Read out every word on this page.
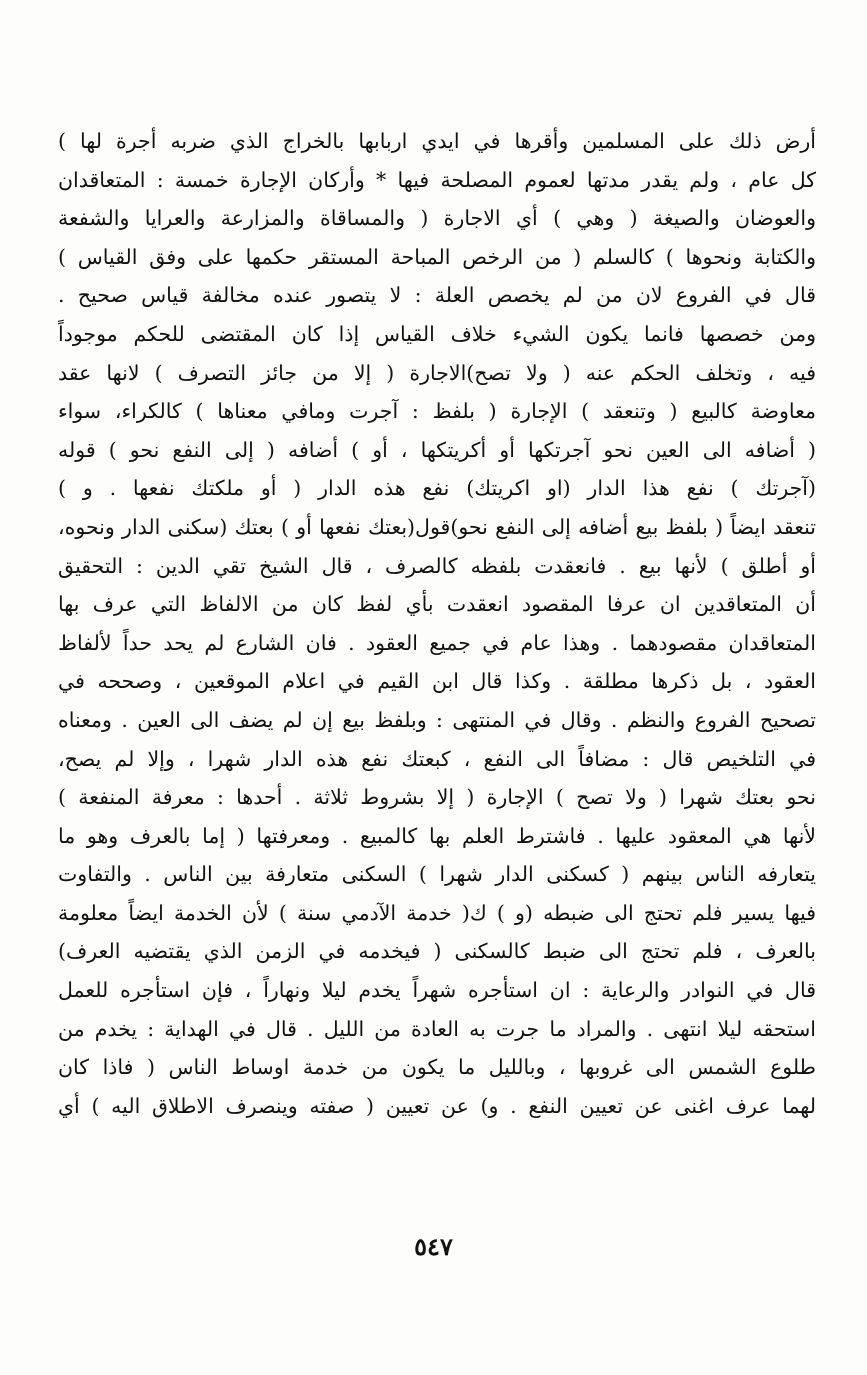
أرض ذلك على المسلمين وأقرها في ايدي اربابها بالخراج الذي ضربه أجرة لها )
كل عام ، ولم يقدر مدتها لعموم المصلحة فيها * وأركان الإجارة خمسة : المتعاقدان
والعوضان والصيغة ( وهي ) أي الاجارة ( والمساقاة والمزارعة والعرايا والشفعة
والكتابة ونحوها ) كالسلم ( من الرخص المباحة المستقر حكمها على وفق القياس )
قال في الفروع لان من لم يخصص العلة : لا يتصور عنده مخالفة قياس صحيح .
ومن خصصها فانما يكون الشيء خلاف القياس إذا كان المقتضى للحكم موجوداً
فيه ، وتخلف الحكم عنه ( ولا تصح)الاجارة ( إلا من جائز التصرف ) لانها عقد
معاوضة كالبيع ( وتنعقد ) الإجارة ( بلفظ : آجرت ومافي معناها ) كالكراء، سواء
( أضافه الى العين نحو آجرتكها أو أكريتكها ، أو ) أضافه ( إلى النفع نحو ) قوله
(آجرتك ) نفع هذا الدار (او اكريتك) نفع هذه الدار ( أو ملكتك نفعها . و )
تنعقد ايضاً ( بلفظ بيع أضافه إلى النفع نحو)قول(بعتك نفعها أو ) بعتك (سكنى الدار ونحوه،
أو أطلق ) لأنها بيع . فانعقدت بلفظه كالصرف ، قال الشيخ تقي الدين : التحقيق
أن المتعاقدين ان عرفا المقصود انعقدت بأي لفظ كان من الالفاظ التي عرف بها
المتعاقدان مقصودهما . وهذا عام في جميع العقود . فان الشارع لم يحد حداً لألفاظ
العقود ، بل ذكرها مطلقة . وكذا قال ابن القيم في اعلام الموقعين ، وصححه في
تصحيح الفروع والنظم . وقال في المنتهى : وبلفظ بيع إن لم يضف الى العين . ومعناه
في التلخيص قال : مضافاً الى النفع ، كبعتك نفع هذه الدار شهرا ، وإلا لم يصح،
نحو بعتك شهرا ( ولا تصح ) الإجارة ( إلا بشروط ثلاثة . أحدها : معرفة المنفعة )
لأنها هي المعقود عليها . فاشترط العلم بها كالمبيع . ومعرفتها ( إما بالعرف وهو ما
يتعارفه الناس بينهم ( كسكنى الدار شهرا ) السكنى متعارفة بين الناس . والتفاوت
فيها يسير فلم تحتج الى ضبطه (و ) ك( خدمة الآدمي سنة ) لأن الخدمة ايضاً معلومة
بالعرف ، فلم تحتج الى ضبط كالسكنى ( فيخدمه في الزمن الذي يقتضيه العرف)
قال في النوادر والرعاية : ان استأجره شهراً يخدم ليلا ونهاراً ، فإن استأجره للعمل
استحقه ليلا انتهى . والمراد ما جرت به العادة من الليل . قال في الهداية : يخدم من
طلوع الشمس الى غروبها ، وبالليل ما يكون من خدمة اوساط الناس ( فاذا كان
لهما عرف اغنى عن تعيين النفع . و) عن تعيين ( صفته وينصرف الاطلاق اليه ) أي
٥٤٧
